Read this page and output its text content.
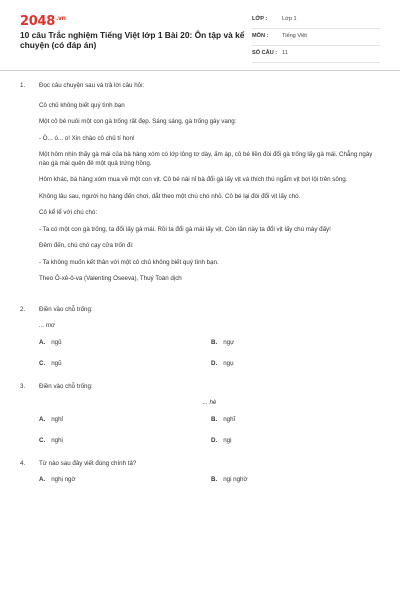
$2048^{.vn}$
10 câu Trắc nghiệm Tiếng Việt lớp 1 Bài 20: Ôn tập và kể chuyện (có đáp án)
LỚP :	Lớp 1
MÔN :	Tiếng Việt
SỐ CÂU : 11
1. Đọc câu chuyện sau và trả lời câu hỏi:

Cô chủ không biết quý tình bạn

Một cô bé nuôi một con gà trống rất đẹp. Sáng sáng, gà trống gáy vang:

- Ò... ó... o! Xin chào cô chủ tí hon!

Một hôm nhìn thấy gà mái của bà hàng xóm có lớp lông tơ dày, ấm áp, cô bé liền đòi đổi gà trống lấy gà mái. Chẳng ngày nào gà mái quên đẻ một quả trứng hồng.

Hôm khác, bà hàng xóm mua về một con vịt. Cô bé nài nỉ bà đổi gà lấy vịt và thích thú ngắm vịt bơi lội trên sông.

Không lâu sau, người họ hàng đến chơi, dắt theo một chú chó nhỏ. Cô bé lại đòi đổi vịt lấy chó.

Cô kể lể với chú chó:

- Ta có một con gà trống, ta đổi lấy gà mái. Rồi ta đổi gà mái lấy vịt. Còn lần này ta đổi vịt lấy chú mày đấy!

Đêm đến, chú chó cạy cửa trốn đi:

- Ta không muốn kết thân với một cô chủ không biết quý tình bạn.

Theo Ô-xê-ô-va (Valenting Oseeva), Thuý Toàn dịch

2. Điền vào chỗ trống:

... mơ

A. ngủ	B. ngự
C. ngũ	D. ngụ
3. Điền vào chỗ trống:

... hè

A. nghỉ	B. nghĩ
C. nghị	D. ngị
4. Từ nào sau đây viết đúng chính tả?

A. nghị ngờ	B. ngi nghờ
